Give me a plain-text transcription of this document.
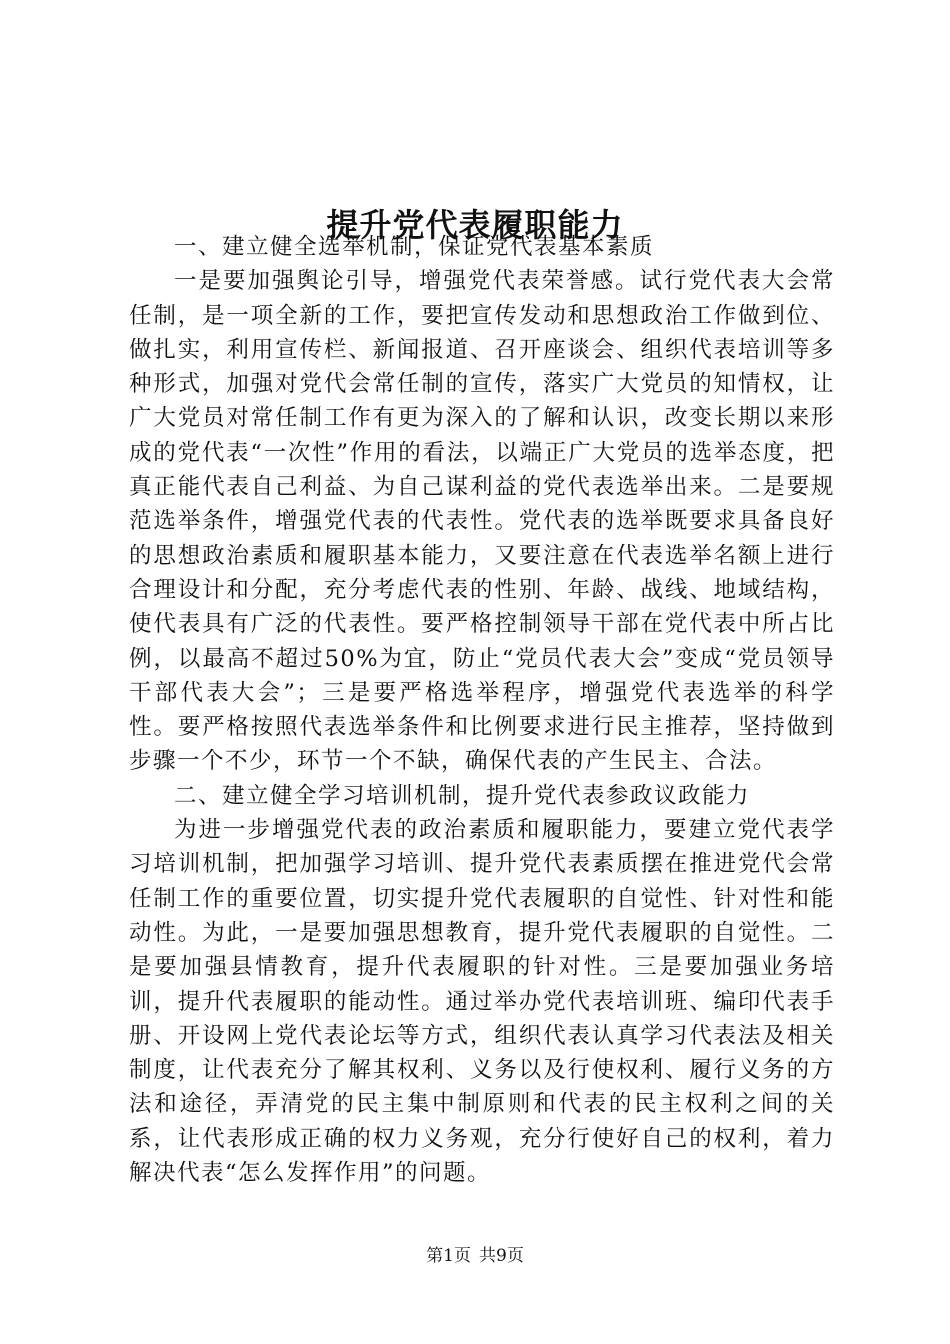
提升党代表履职能力

一、建立健全选举机制，保证党代表基本素质

一是要加强舆论引导，增强党代表荣誉感。试行党代表大会常任制，是一项全新的工作，要把宣传发动和思想政治工作做到位、做扎实，利用宣传栏、新闻报道、召开座谈会、组织代表培训等多种形式，加强对党代会常任制的宣传，落实广大党员的知情权，让广大党员对常任制工作有更为深入的了解和认识，改变长期以来形成的党代表“一次性”作用的看法，以端正广大党员的选举态度，把真正能代表自己利益、为自己谋利益的党代表选举出来。二是要规范选举条件，增强党代表的代表性。党代表的选举既要求具备良好的思想政治素质和履职基本能力，又要注意在代表选举名额上进行合理设计和分配，充分考虑代表的性别、年龄、战线、地域结构，使代表具有广泛的代表性。要严格控制领导干部在党代表中所占比例，以最高不超过50%为宜，防止“党员代表大会”变成“党员领导干部代表大会”；三是要严格选举程序，增强党代表选举的科学性。要严格按照代表选举条件和比例要求进行民主推荐，坚持做到步骤一个不少，环节一个不缺，确保代表的产生民主、合法。

二、建立健全学习培训机制，提升党代表参政议政能力

为进一步增强党代表的政治素质和履职能力，要建立党代表学习培训机制，把加强学习培训、提升党代表素质摆在推进党代会常任制工作的重要位置，切实提升党代表履职的自觉性、针对性和能动性。为此，一是要加强思想教育，提升党代表履职的自觉性。二是要加强县情教育，提升代表履职的针对性。三是要加强业务培训，提升代表履职的能动性。通过举办党代表培训班、编印代表手册、开设网上党代表论坛等方式，组织代表认真学习代表法及相关制度，让代表充分了解其权利、义务以及行使权利、履行义务的方法和途径，弄清党的民主集中制原则和代表的民主权利之间的关系，让代表形成正确的权力义务观，充分行使好自己的权利，着力解决代表“怎么发挥作用”的问题。

第1页 共9页
